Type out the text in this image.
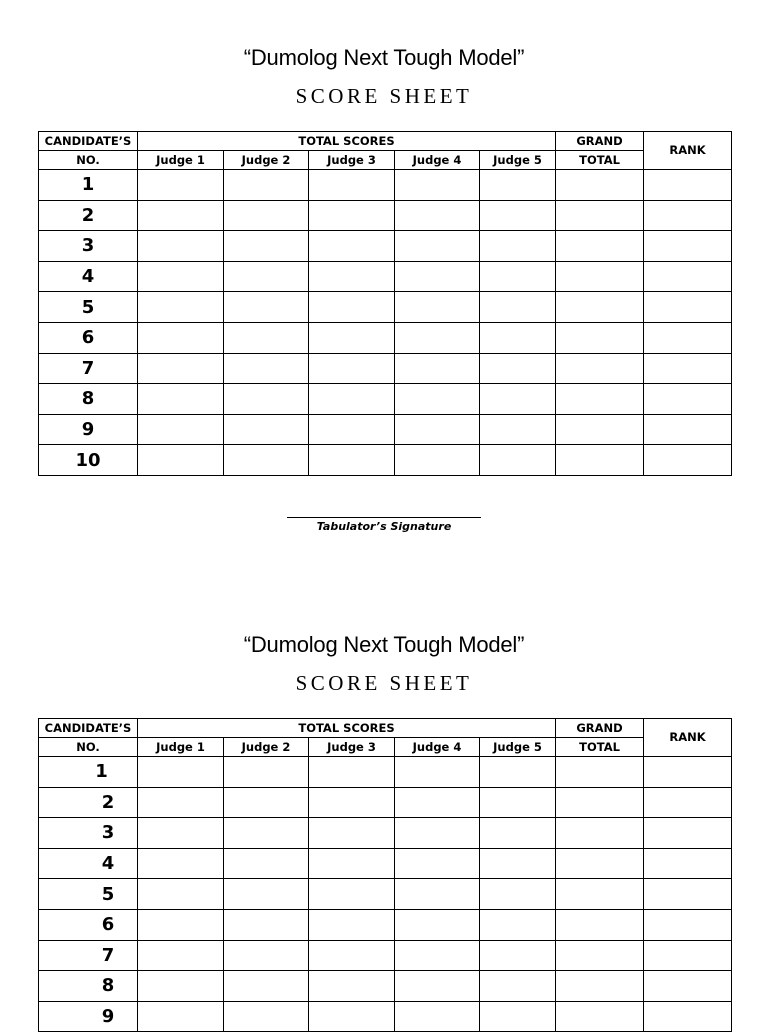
“Dumolog Next Tough Model”
SCORE SHEET
CANDIDATE’S	TOTAL SCORES					GRAND	RANK
NO.	Judge 1	Judge 2	Judge 3	Judge 4	Judge 5	TOTAL	
1							
2							
3							
4							
5							
6							
7							
8							
9							
10							
Tabulator’s Signature
“Dumolog Next Tough Model”
SCORE SHEET
CANDIDATE’S	TOTAL SCORES					GRAND	RANK
NO.	Judge 1	Judge 2	Judge 3	Judge 4	Judge 5	TOTAL	
1							
2							
3							
4							
5							
6							
7							
8							
9							
